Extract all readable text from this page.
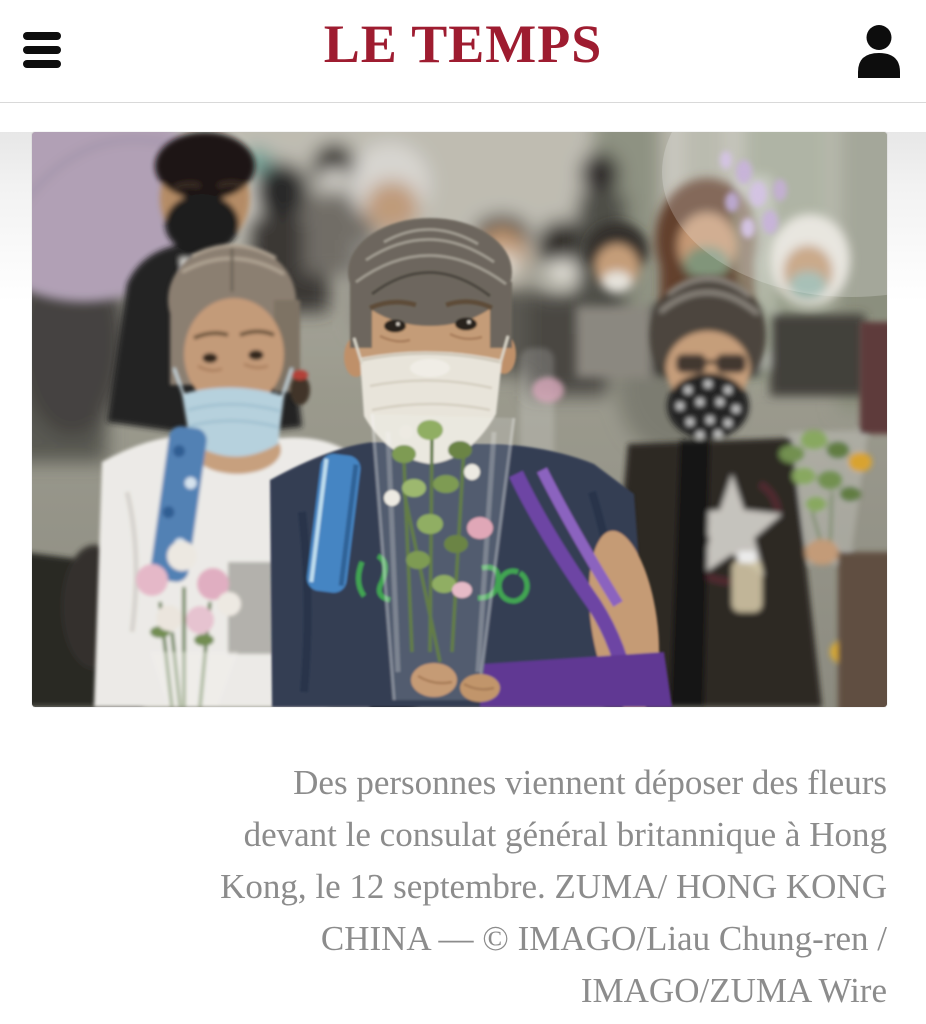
LE TEMPS
Des personnes viennent déposer des fleurs
devant le consulat général britannique à Hong
Kong, le 12 septembre. ZUMA/ HONG KONG
CHINA — © IMAGO/Liau Chung-ren /
IMAGO/ZUMA Wire
